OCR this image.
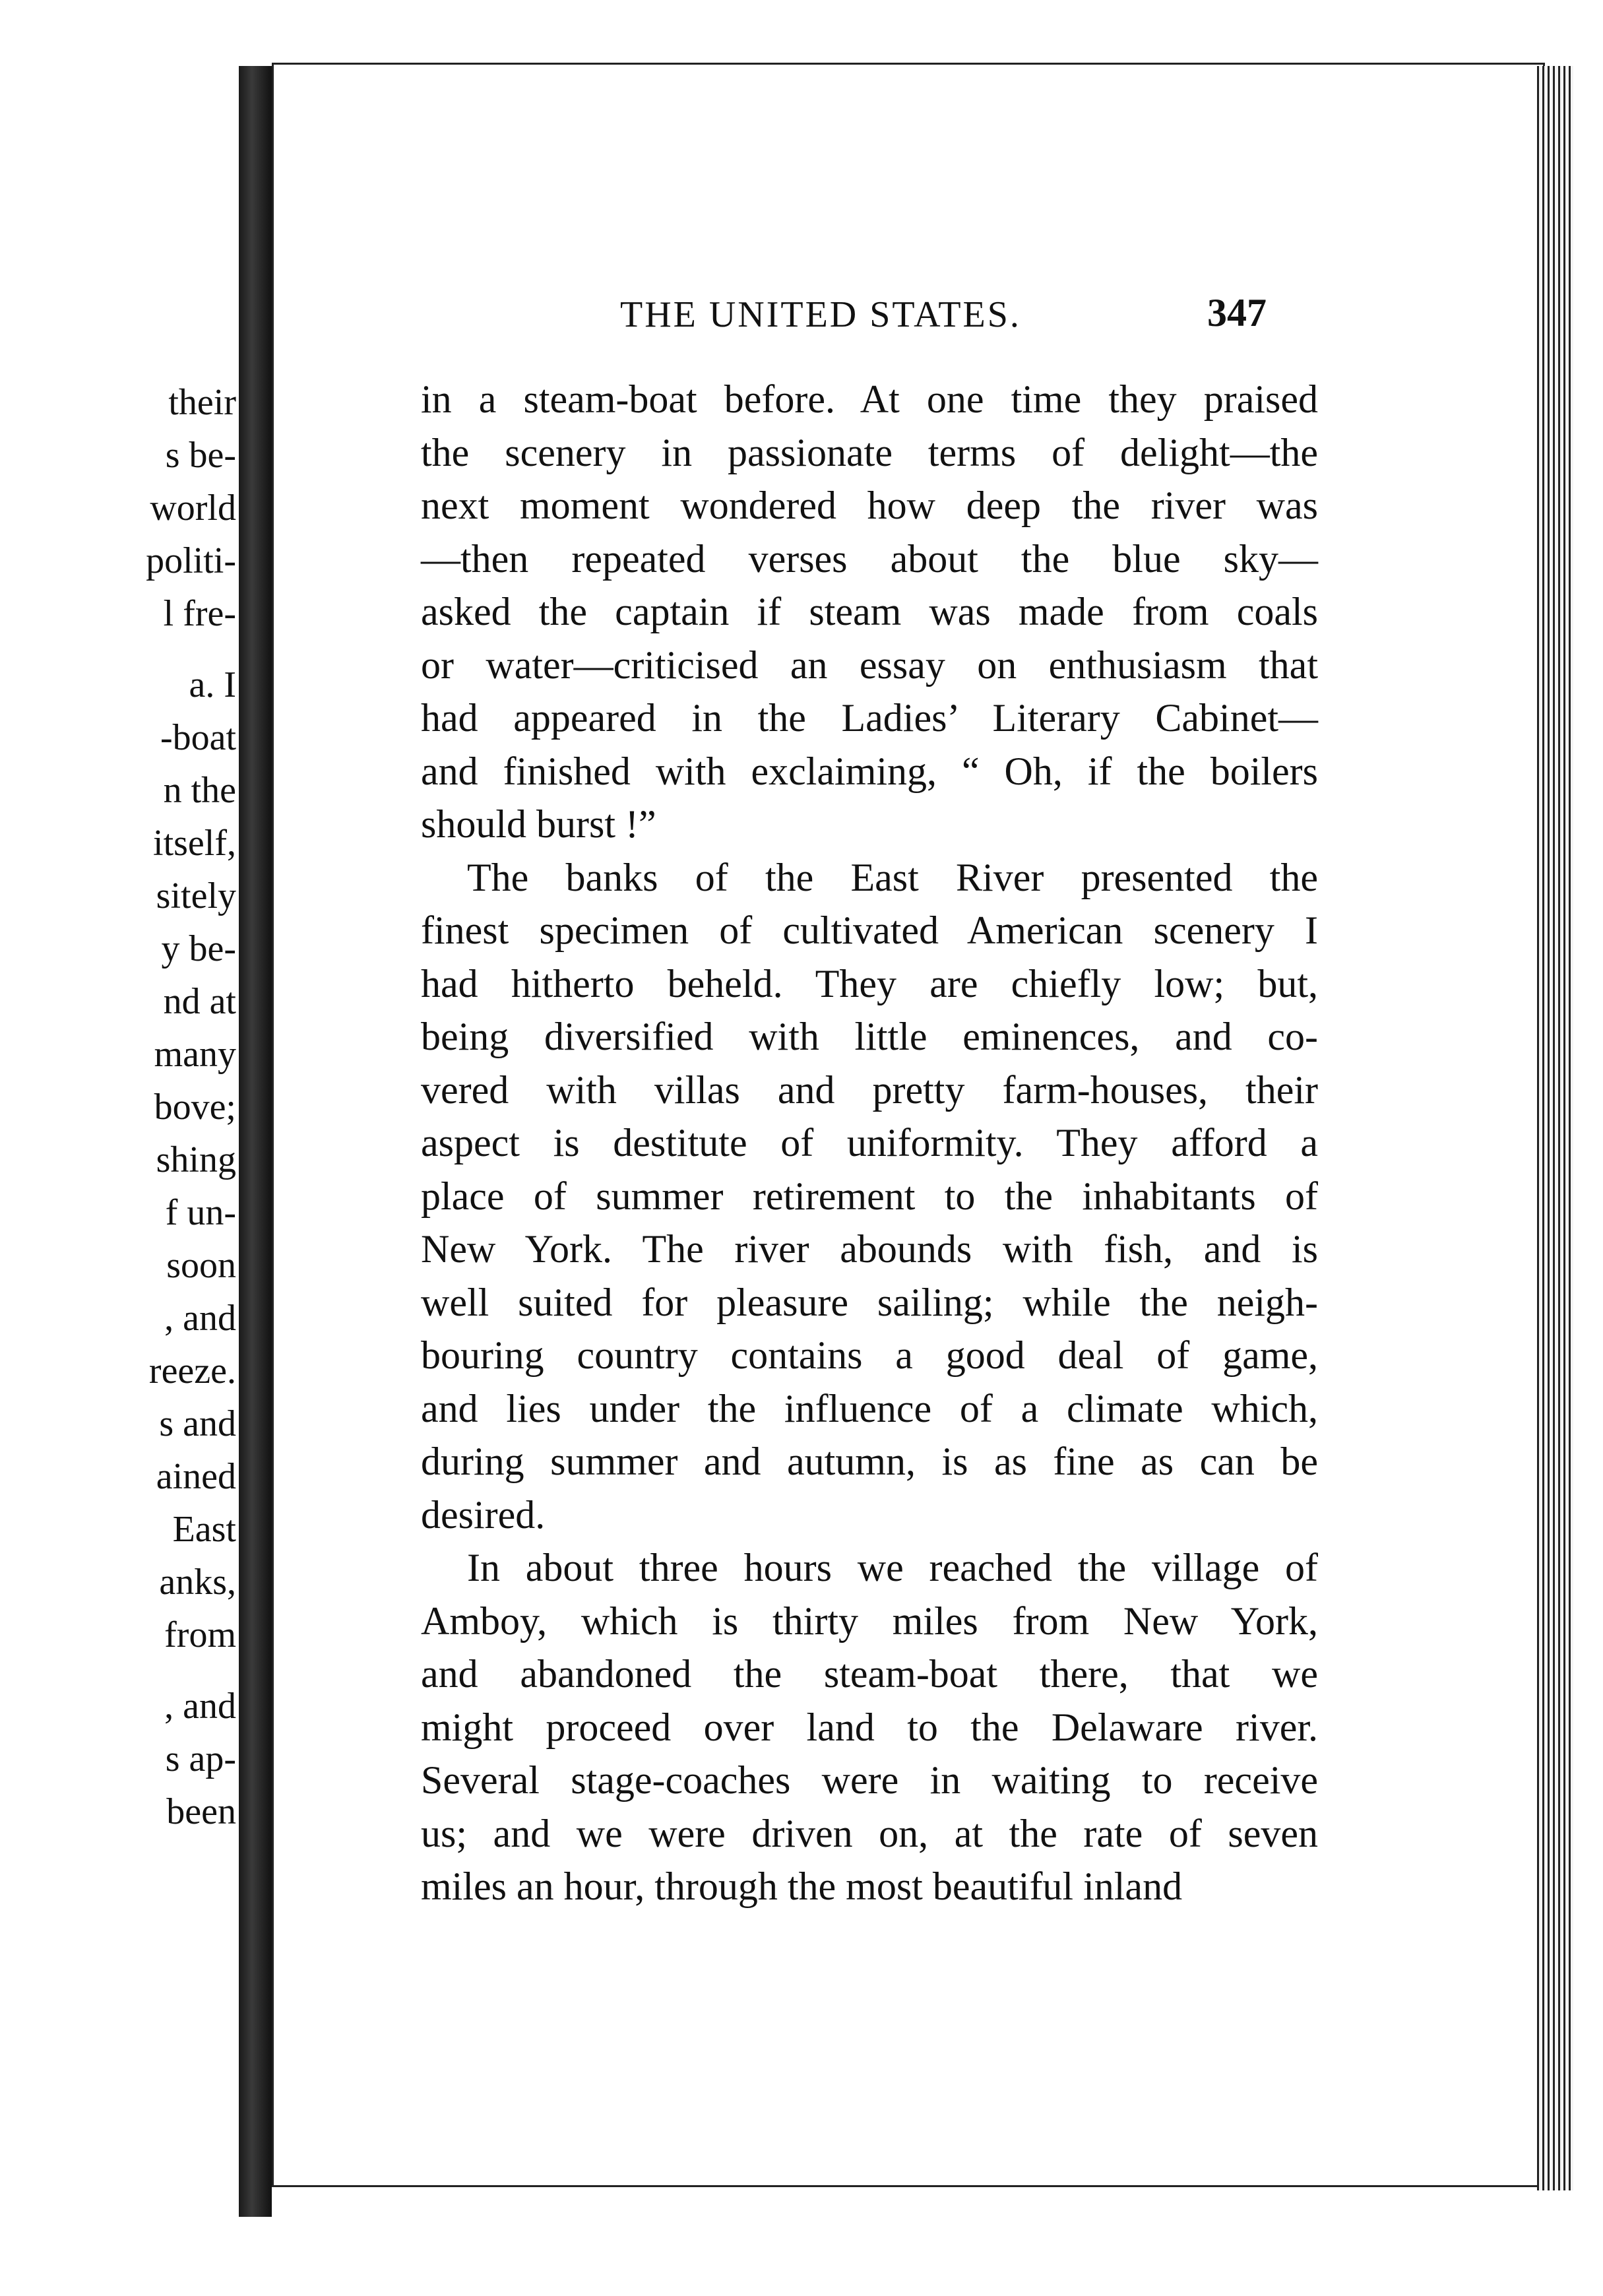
their
s be-
world
politi-
l fre-
a. I
-boat
n the
itself,
sitely
y be-
nd at
many
bove;
shing
f un-
soon
, and
reeze.
s and
ained
East
anks,
from
, and
s ap-
been
THE UNITED STATES.	347
in a steam-boat before. At one time they praised
the scenery in passionate terms of delight—the
next moment wondered how deep the river was
—then repeated verses about the blue sky—
asked the captain if steam was made from coals
or water—criticised an essay on enthusiasm that
had appeared in the Ladies’ Literary Cabinet—
and finished with exclaiming, “ Oh, if the boilers
should burst !”
The banks of the East River presented the
finest specimen of cultivated American scenery I
had hitherto beheld. They are chiefly low; but,
being diversified with little eminences, and co-
vered with villas and pretty farm-houses, their
aspect is destitute of uniformity. They afford a
place of summer retirement to the inhabitants of
New York. The river abounds with fish, and is
well suited for pleasure sailing; while the neigh-
bouring country contains a good deal of game,
and lies under the influence of a climate which,
during summer and autumn, is as fine as can be
desired.
In about three hours we reached the village of
Amboy, which is thirty miles from New York,
and abandoned the steam-boat there, that we
might proceed over land to the Delaware river.
Several stage-coaches were in waiting to receive
us; and we were driven on, at the rate of seven
miles an hour, through the most beautiful inland
